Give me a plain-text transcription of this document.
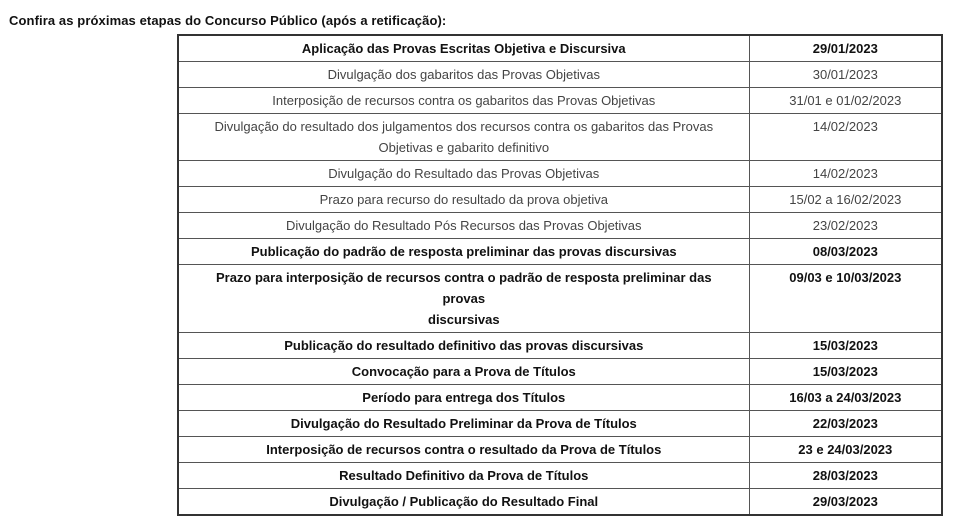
Confira as próximas etapas do Concurso Público (após a retificação):
Aplicação das Provas Escritas Objetiva e Discursiva	29/01/2023
Divulgação dos gabaritos das Provas Objetivas	30/01/2023
Interposição de recursos contra os gabaritos das Provas Objetivas	31/01 e 01/02/2023

Divulgação do resultado dos julgamentos dos recursos contra os gabaritos das Provas
Objetivas e gabarito definitivo	14/02/2023
Divulgação do Resultado das Provas Objetivas	14/02/2023
Prazo para recurso do resultado da prova objetiva	15/02 a 16/02/2023
Divulgação do Resultado Pós Recursos das Provas Objetivas	23/02/2023
Publicação do padrão de resposta preliminar das provas discursivas	08/03/2023

Prazo para interposição de recursos contra o padrão de resposta preliminar das
provas
discursivas	09/03 e 10/03/2023
Publicação do resultado definitivo das provas discursivas	15/03/2023
Convocação para a Prova de Títulos	15/03/2023
Período para entrega dos Títulos	16/03 a 24/03/2023
Divulgação do Resultado Preliminar da Prova de Títulos	22/03/2023
Interposição de recursos contra o resultado da Prova de Títulos	23 e 24/03/2023
Resultado Definitivo da Prova de Títulos	28/03/2023
Divulgação / Publicação do Resultado Final	29/03/2023
